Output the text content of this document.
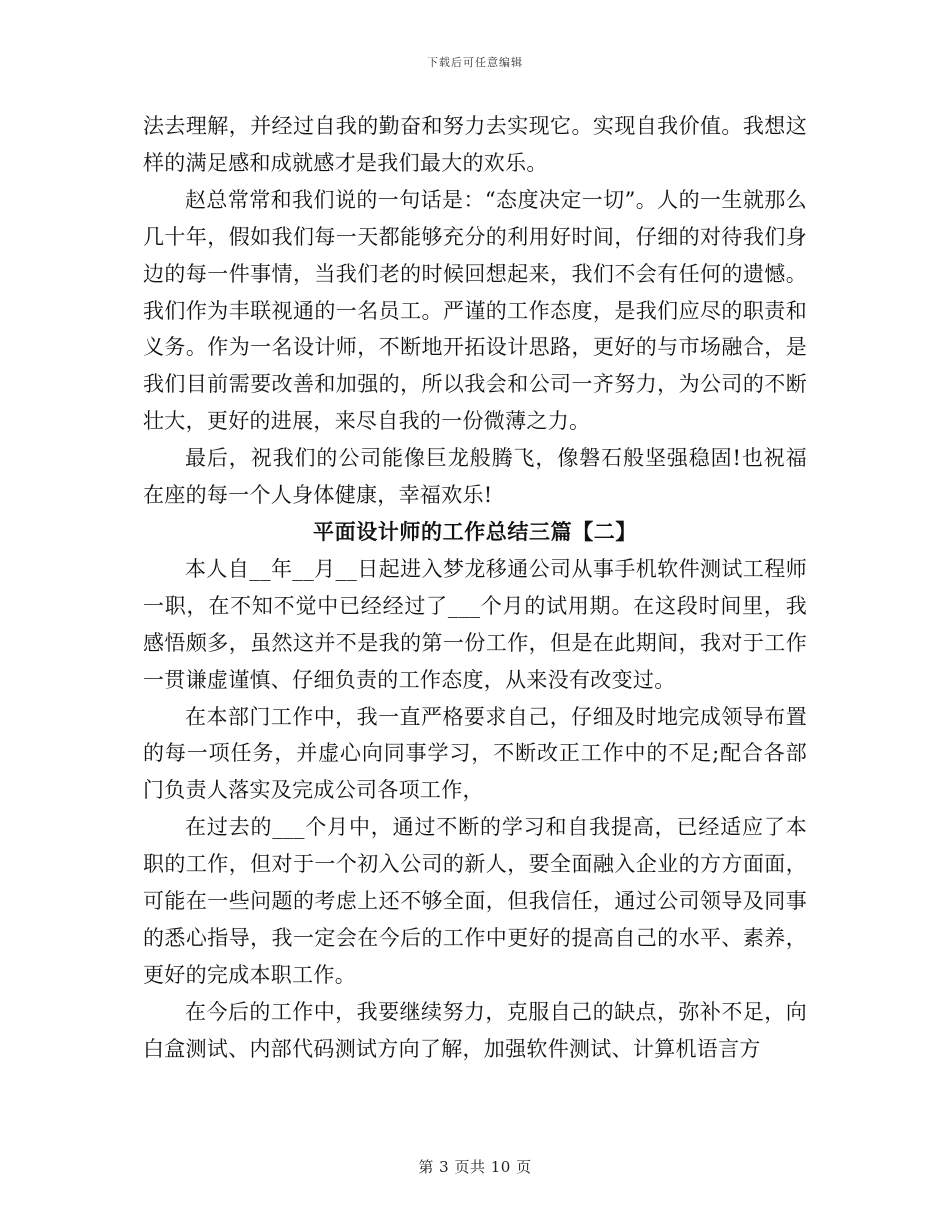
下载后可任意编辑

法去理解，并经过自我的勤奋和努力去实现它。实现自我价值。我想这样的满足感和成就感才是我们最大的欢乐。

赵总常常和我们说的一句话是：“态度决定一切”。人的一生就那么几十年，假如我们每一天都能够充分的利用好时间，仔细的对待我们身边的每一件事情，当我们老的时候回想起来，我们不会有任何的遗憾。我们作为丰联视通的一名员工。严谨的工作态度，是我们应尽的职责和义务。作为一名设计师，不断地开拓设计思路，更好的与市场融合，是我们目前需要改善和加强的，所以我会和公司一齐努力，为公司的不断壮大，更好的进展，来尽自我的一份微薄之力。

最后，祝我们的公司能像巨龙般腾飞，像磐石般坚强稳固!也祝福在座的每一个人身体健康，幸福欢乐!

平面设计师的工作总结三篇【二】

本人自__年__月__日起进入梦龙移通公司从事手机软件测试工程师一职，在不知不觉中已经经过了___个月的试用期。在这段时间里，我感悟颇多，虽然这并不是我的第一份工作，但是在此期间，我对于工作一贯谦虚谨慎、仔细负责的工作态度，从来没有改变过。

在本部门工作中，我一直严格要求自己，仔细及时地完成领导布置的每一项任务，并虚心向同事学习，不断改正工作中的不足;配合各部门负责人落实及完成公司各项工作，

在过去的___个月中，通过不断的学习和自我提高，已经适应了本职的工作，但对于一个初入公司的新人，要全面融入企业的方方面面，可能在一些问题的考虑上还不够全面，但我信任，通过公司领导及同事的悉心指导，我一定会在今后的工作中更好的提高自己的水平、素养，更好的完成本职工作。

在今后的工作中，我要继续努力，克服自己的缺点，弥补不足，向白盒测试、内部代码测试方向了解，加强软件测试、计算机语言方

第 3 页共 10 页
